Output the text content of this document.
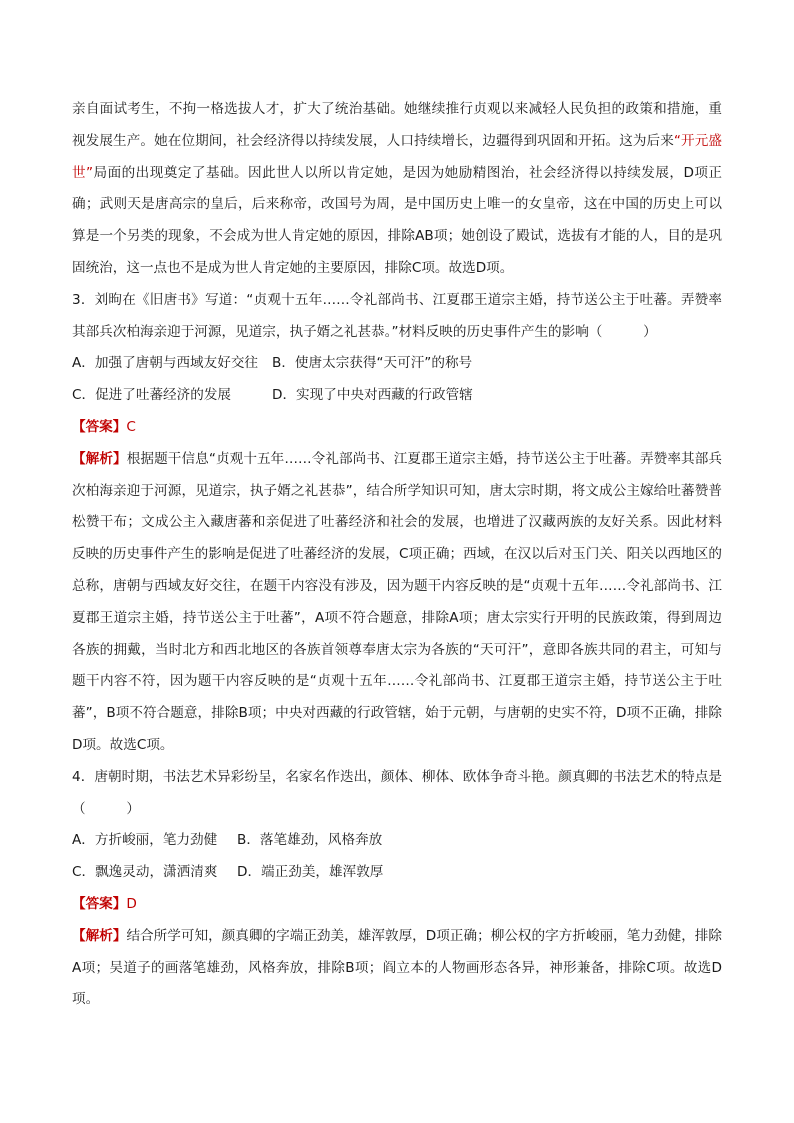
亲自面试考生，不拘一格选拔人才，扩大了统治基础。她继续推行贞观以来减轻人民负担的政策和措施，重视发展生产。她在位期间，社会经济得以持续发展，人口持续增长，边疆得到巩固和开拓。这为后来“开元盛世”局面的出现奠定了基础。因此世人以所以肯定她，是因为她励精图治，社会经济得以持续发展，D项正确；武则天是唐高宗的皇后，后来称帝，改国号为周，是中国历史上唯一的女皇帝，这在中国的历史上可以算是一个另类的现象，不会成为世人肯定她的原因，排除AB项；她创设了殿试，选拔有才能的人，目的是巩固统治，这一点也不是成为世人肯定她的主要原因，排除C项。故选D项。

3．刘昫在《旧唐书》写道：“贞观十五年……令礼部尚书、江夏郡王道宗主婚，持节送公主于吐蕃。弄赞率其部兵次柏海亲迎于河源，见道宗，执子婿之礼甚恭。”材料反映的历史事件产生的影响（　　　）

A．加强了唐朝与西域友好交往 B．使唐太宗获得“天可汗”的称号

C．促进了吐蕃经济的发展	D．实现了中央对西藏的行政管辖

【答案】C

【解析】根据题干信息“贞观十五年……令礼部尚书、江夏郡王道宗主婚，持节送公主于吐蕃。弄赞率其部兵次柏海亲迎于河源，见道宗，执子婿之礼甚恭”，结合所学知识可知，唐太宗时期，将文成公主嫁给吐蕃赞普松赞干布；文成公主入藏唐蕃和亲促进了吐蕃经济和社会的发展，也增进了汉藏两族的友好关系。因此材料反映的历史事件产生的影响是促进了吐蕃经济的发展，C项正确；西域，在汉以后对玉门关、阳关以西地区的总称，唐朝与西域友好交往，在题干内容没有涉及，因为题干内容反映的是“贞观十五年……令礼部尚书、江夏郡王道宗主婚，持节送公主于吐蕃”，A项不符合题意，排除A项；唐太宗实行开明的民族政策，得到周边各族的拥戴，当时北方和西北地区的各族首领尊奉唐太宗为各族的“天可汗”，意即各族共同的君主，可知与题干内容不符，因为题干内容反映的是“贞观十五年……令礼部尚书、江夏郡王道宗主婚，持节送公主于吐蕃”，B项不符合题意，排除B项；中央对西藏的行政管辖，始于元朝，与唐朝的史实不符，D项不正确，排除D项。故选C项。

4．唐朝时期，书法艺术异彩纷呈，名家名作迭出，颜体、柳体、欧体争奇斗艳。颜真卿的书法艺术的特点是（　　　）

A．方折峻丽，笔力劲健 B．落笔雄劲，风格奔放

C．飘逸灵动，潇洒清爽 D．端正劲美，雄浑敦厚

【答案】D

【解析】结合所学可知，颜真卿的字端正劲美，雄浑敦厚，D项正确；柳公权的字方折峻丽，笔力劲健，排除A项；吴道子的画落笔雄劲，风格奔放，排除B项；阎立本的人物画形态各异，神形兼备，排除C项。故选D项。
